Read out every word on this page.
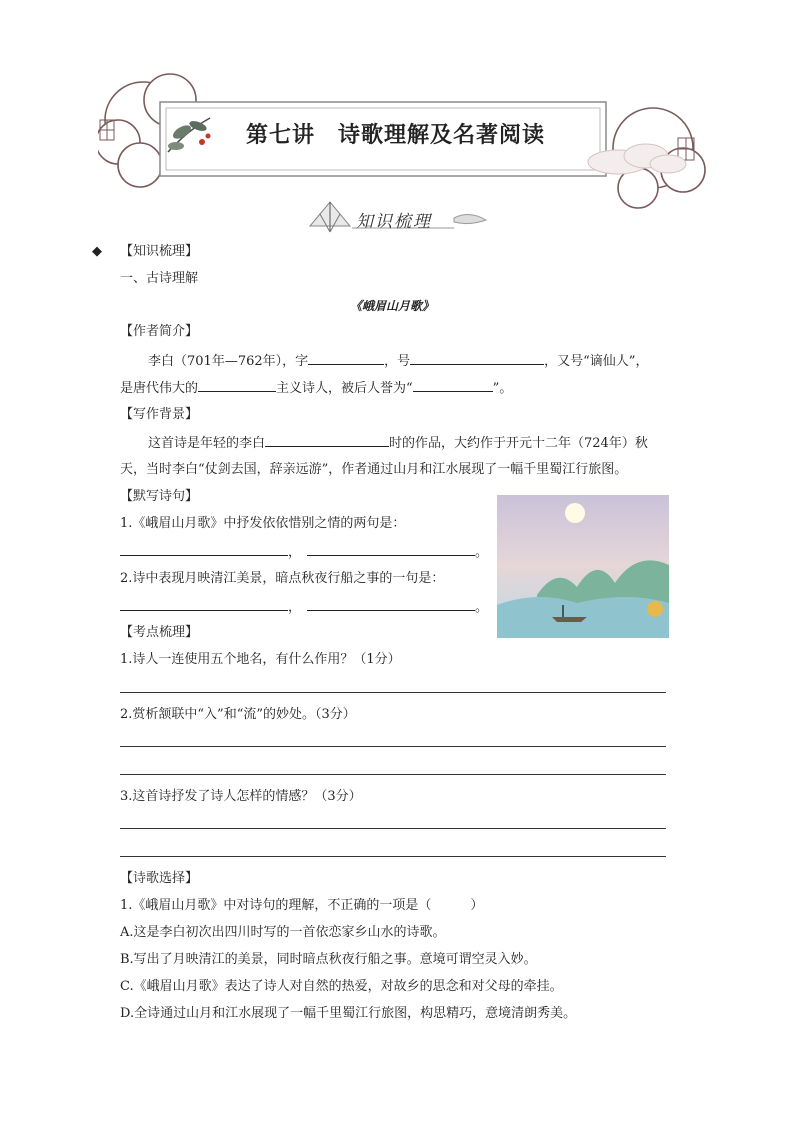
第七讲　诗歌理解及名著阅读
知识梳理
◆ 【知识梳理】
一、古诗理解
《峨眉山月歌》
【作者简介】
李白（701年—762年），字	，号	，又号“谪仙人”，
是唐代伟大的	主义诗人，被后人誉为“	”。
【写作背景】
这首诗是年轻的李白	时的作品，大约作于开元十二年（724年）秋
天，当时李白“仗剑去国，辞亲远游”，作者通过山月和江水展现了一幅千里蜀江行旅图。
【默写诗句】
1.《峨眉山月歌》中抒发依依惜别之情的两句是：
，	。
2.诗中表现月映清江美景，暗点秋夜行船之事的一句是：
，	。
【考点梳理】
1.诗人一连使用五个地名，有什么作用？（1分）
2.赏析颔联中“入”和“流”的妙处。（3分）
3.这首诗抒发了诗人怎样的情感？（3分）
【诗歌选择】
1.《峨眉山月歌》中对诗句的理解，不正确的一项是（　　　）
A.这是李白初次出四川时写的一首依恋家乡山水的诗歌。
B.写出了月映清江的美景，同时暗点秋夜行船之事。意境可谓空灵入妙。
C.《峨眉山月歌》表达了诗人对自然的热爱，对故乡的思念和对父母的牵挂。
D.全诗通过山月和江水展现了一幅千里蜀江行旅图，构思精巧，意境清朗秀美。
